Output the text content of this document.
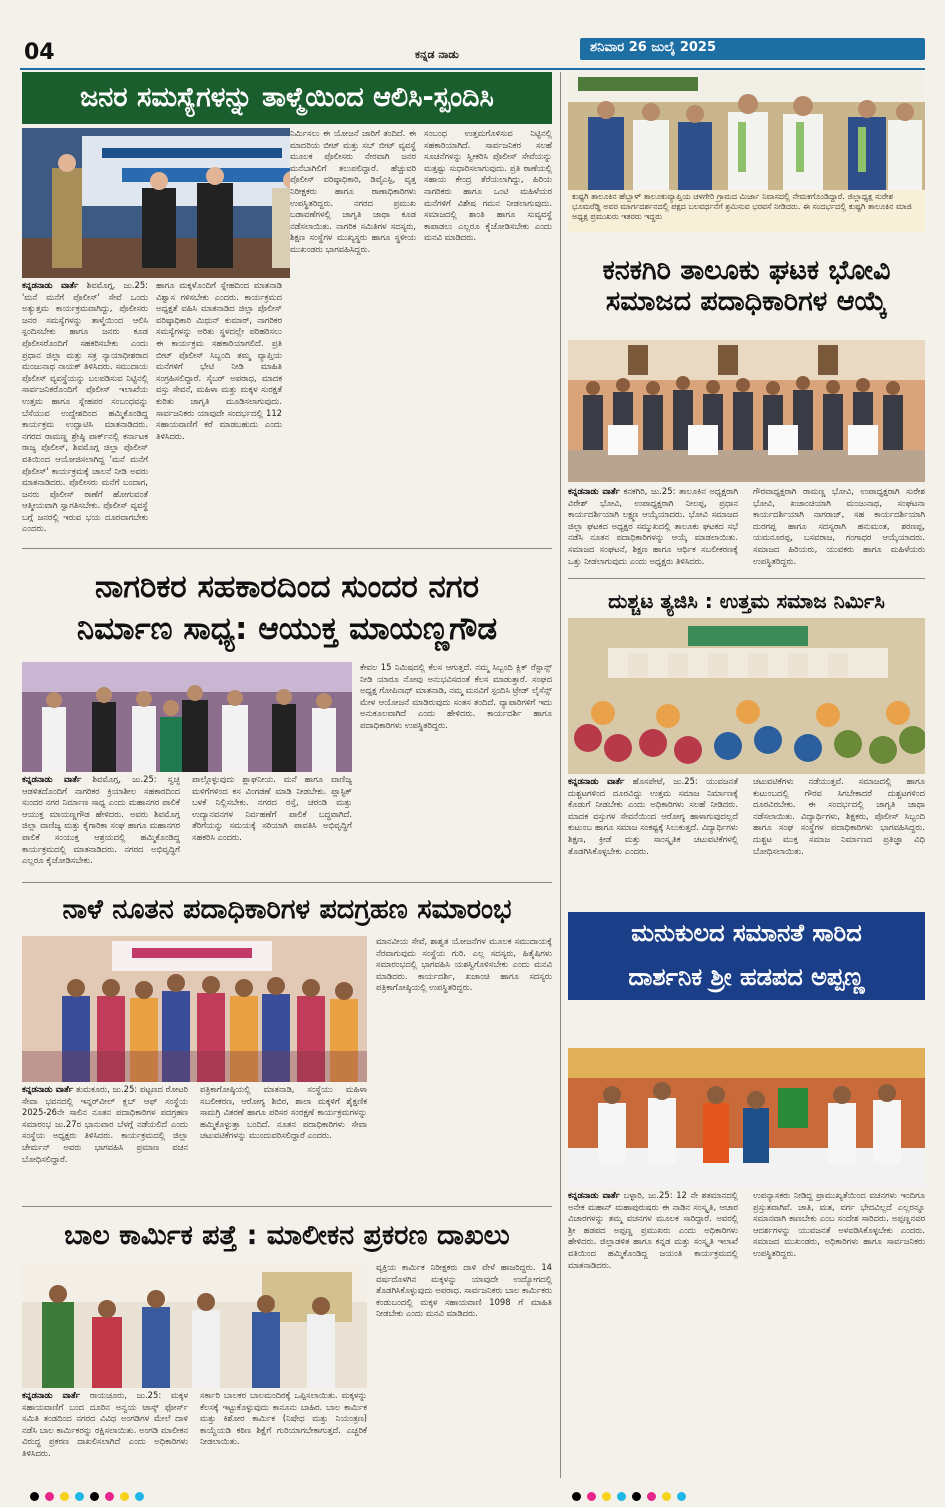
04	ಕನ್ನಡ ನಾಡು	ಶನಿವಾರ 26 ಜುಲೈ 2025
ಜನರ ಸಮಸ್ಯೆಗಳನ್ನು ತಾಳ್ಮೆಯಿಂದ ಆಲಿಸಿ-ಸ್ಪಂದಿಸಿ
ಕನ್ನಡನಾಡು ವಾರ್ತೆ ಶಿವಮೊಗ್ಗ, ಜು.25: 'ಮನೆ ಮನೆಗೆ ಪೊಲೀಸ್' ಸೇವೆ ಒಂದು ಅತ್ಯುತ್ತಮ ಕಾರ್ಯಕ್ರಮವಾಗಿದ್ದು, ಪೊಲೀಸರು ಜನರ ಸಮಸ್ಯೆಗಳನ್ನು ತಾಳ್ಮೆಯಿಂದ ಆಲಿಸಿ ಸ್ಪಂದಿಸಬೇಕು ಹಾಗೂ ಜನರು ಕೂಡ ಪೊಲೀಸರೊಂದಿಗೆ ಸಹಕರಿಸಬೇಕು ಎಂದು ಪ್ರಧಾನ ಜಿಲ್ಲಾ ಮತ್ತು ಸತ್ರ ನ್ಯಾಯಾಧೀಶರಾದ ಮಂಜುನಾಥ ನಾಯಕ್ ತಿಳಿಸಿದರು. ಸಮುದಾಯ ಪೊಲೀಸ್ ವ್ಯವಸ್ಥೆಯನ್ನು ಬಲಪಡಿಸುವ ನಿಟ್ಟಿನಲ್ಲಿ ಸಾರ್ವಜನಿಕರೊಂದಿಗೆ ಪೊಲೀಸ್ ಇಲಾಖೆಯ ಉತ್ತಮ ಹಾಗೂ ಸ್ನೇಹಪರ ಸಂಬಂಧವನ್ನು ಬೆಸೆಯುವ ಉದ್ದೇಶದಿಂದ ಹಮ್ಮಿಕೊಂಡಿದ್ದ ಕಾರ್ಯಕ್ರಮ ಉದ್ಘಾಟಿಸಿ ಮಾತನಾಡಿದರು. ನಗರದ ರಾಮಣ್ಣ ಶ್ರೇಷ್ಠಿ ಪಾರ್ಕ್‌ನಲ್ಲಿ ಕರ್ನಾಟಕ ರಾಜ್ಯ ಪೊಲೀಸ್, ಶಿವಮೊಗ್ಗ ಜಿಲ್ಲಾ ಪೊಲೀಸ್ ವತಿಯಿಂದ ಆಯೋಜಿಸಲಾಗಿದ್ದ 'ಮನೆ ಮನೆಗೆ ಪೊಲೀಸ್' ಕಾರ್ಯಕ್ರಮಕ್ಕೆ ಚಾಲನೆ ನೀಡಿ ಅವರು ಮಾತನಾಡಿದರು. ಪೊಲೀಸರು ಮನೆಗೆ ಬಂದಾಗ, ಜನರು ಪೊಲೀಸ್ ಠಾಣೆಗೆ ಹೋಗುವಂತೆ ಆತ್ಮೀಯವಾಗಿ ಸ್ವಾಗತಿಸಬೇಕು. ಪೊಲೀಸ್ ವ್ಯವಸ್ಥೆ ಬಗ್ಗೆ ಜನರಲ್ಲಿ ಇರುವ ಭಯ ದೂರವಾಗಬೇಕು ಎಂದರು.
ಹಾಗೂ ಮಕ್ಕಳೊಂದಿಗೆ ಸ್ನೇಹದಿಂದ ಮಾತನಾಡಿ ವಿಶ್ವಾಸ ಗಳಿಸಬೇಕು ಎಂದರು. ಕಾರ್ಯಕ್ರಮದ ಅಧ್ಯಕ್ಷತೆ ವಹಿಸಿ ಮಾತನಾಡಿದ ಜಿಲ್ಲಾ ಪೊಲೀಸ್ ವರಿಷ್ಠಾಧಿಕಾರಿ ಮಿಥುನ್ ಕುಮಾರ್, ನಾಗರಿಕರ ಸಮಸ್ಯೆಗಳನ್ನು ಅರಿತು ಸ್ಥಳದಲ್ಲೇ ಪರಿಹರಿಸಲು ಈ ಕಾರ್ಯಕ್ರಮ ಸಹಕಾರಿಯಾಗಲಿದೆ. ಪ್ರತಿ ಬೀಟ್ ಪೊಲೀಸ್ ಸಿಬ್ಬಂದಿ ತಮ್ಮ ವ್ಯಾಪ್ತಿಯ ಮನೆಗಳಿಗೆ ಭೇಟಿ ನೀಡಿ ಮಾಹಿತಿ ಸಂಗ್ರಹಿಸಲಿದ್ದಾರೆ. ಸೈಬರ್ ಅಪರಾಧ, ಮಾದಕ ವಸ್ತು ಸೇವನೆ, ಮಹಿಳಾ ಮತ್ತು ಮಕ್ಕಳ ಸುರಕ್ಷತೆ ಕುರಿತು ಜಾಗೃತಿ ಮೂಡಿಸಲಾಗುವುದು. ಸಾರ್ವಜನಿಕರು ಯಾವುದೇ ಸಂದರ್ಭದಲ್ಲಿ 112 ಸಹಾಯವಾಣಿಗೆ ಕರೆ ಮಾಡಬಹುದು ಎಂದು ತಿಳಿಸಿದರು.
ನಿರ್ಮಿಸಲು ಈ ಯೋಜನೆ ಜಾರಿಗೆ ತಂದಿದೆ. ಈ ಮಾದರಿಯ ಬೀಟ್ ಮತ್ತು ಸಬ್ ಬೀಟ್ ವ್ಯವಸ್ಥೆ ಮೂಲಕ ಪೊಲೀಸರು ನೇರವಾಗಿ ಜನರ ಮನೆಬಾಗಿಲಿಗೆ ತಲುಪಲಿದ್ದಾರೆ. ಹೆಚ್ಚುವರಿ ಪೊಲೀಸ್ ವರಿಷ್ಠಾಧಿಕಾರಿ, ಡಿವೈಎಸ್ಪಿ, ವೃತ್ತ ನಿರೀಕ್ಷಕರು ಹಾಗೂ ಠಾಣಾಧಿಕಾರಿಗಳು ಉಪಸ್ಥಿತರಿದ್ದರು. ನಗರದ ಪ್ರಮುಖ ಬಡಾವಣೆಗಳಲ್ಲಿ ಜಾಗೃತಿ ಜಾಥಾ ಕೂಡ ನಡೆಸಲಾಯಿತು. ನಾಗರಿಕ ಸಮಿತಿಗಳ ಸದಸ್ಯರು, ಶಿಕ್ಷಣ ಸಂಸ್ಥೆಗಳ ಮುಖ್ಯಸ್ಥರು ಹಾಗೂ ಸ್ಥಳೀಯ ಮುಖಂಡರು ಭಾಗವಹಿಸಿದ್ದರು.
ಸಂಬಂಧ ಉತ್ತಮಗೊಳಿಸುವ ನಿಟ್ಟಿನಲ್ಲಿ ಸಹಕಾರಿಯಾಗಿದೆ. ಸಾರ್ವಜನಿಕರ ಸಲಹೆ ಸೂಚನೆಗಳನ್ನು ಸ್ವೀಕರಿಸಿ ಪೊಲೀಸ್ ಸೇವೆಯನ್ನು ಮತ್ತಷ್ಟು ಸುಧಾರಿಸಲಾಗುವುದು. ಪ್ರತಿ ಠಾಣೆಯಲ್ಲಿ ಸಹಾಯ ಕೇಂದ್ರ ತೆರೆಯಲಾಗಿದ್ದು, ಹಿರಿಯ ನಾಗರಿಕರು ಹಾಗೂ ಒಂಟಿ ಮಹಿಳೆಯರ ಮನೆಗಳಿಗೆ ವಿಶೇಷ ಗಮನ ನೀಡಲಾಗುವುದು. ಸಮಾಜದಲ್ಲಿ ಶಾಂತಿ ಹಾಗೂ ಸುವ್ಯವಸ್ಥೆ ಕಾಪಾಡಲು ಎಲ್ಲರೂ ಕೈಜೋಡಿಸಬೇಕು ಎಂದು ಮನವಿ ಮಾಡಿದರು.
ಕುಷ್ಟಗಿ ತಾಲೂಕಿನ ಹೆಬ್ಬಾಳ್ ತಾಲೂಕುವ್ಯಾಪ್ತಿಯ ಚಳಗೇರಿ ಗ್ರಾಮದ ಮಿರ್ಜಾ ನಿವಾಸದಲ್ಲಿ ನೇಮಕಗೊಂಡಿದ್ದಾರೆ. ಜಿಲ್ಲಾಧ್ಯಕ್ಷ ಸುರೇಶ ಭೂಮರೆಡ್ಡಿ ಅವರ ಮಾರ್ಗದರ್ಶನದಲ್ಲಿ ಪಕ್ಷದ ಬಲವರ್ಧನೆಗೆ ಶ್ರಮಿಸುವ ಭರವಸೆ ನೀಡಿದರು. ಈ ಸಂದರ್ಭದಲ್ಲಿ ಕುಷ್ಟಗಿ ತಾಲೂಕಿನ ಮಾಜಿ ಅಧ್ಯಕ್ಷ ಪ್ರಮುಖರು ಇತರರು ಇದ್ದರು
ಕನಕಗಿರಿ ತಾಲೂಕು ಘಟಕ ಭೋವಿ ಸಮಾಜದ ಪದಾಧಿಕಾರಿಗಳ ಆಯ್ಕೆ
ಕನ್ನಡನಾಡು ವಾರ್ತೆ ಕನಕಗಿರಿ, ಜು.25: ತಾಲೂಕಿನ ಅಧ್ಯಕ್ಷರಾಗಿ ವಿರೇಶ್ ಭೋವಿ, ಉಪಾಧ್ಯಕ್ಷರಾಗಿ ನೀಲಪ್ಪ, ಪ್ರಧಾನ ಕಾರ್ಯದರ್ಶಿಯಾಗಿ ಲಕ್ಷ್ಮಣ ಆಯ್ಕೆಯಾದರು. ಭೋವಿ ಸಮಾಜದ ಜಿಲ್ಲಾ ಘಟಕದ ಅಧ್ಯಕ್ಷರ ಸಮ್ಮುಖದಲ್ಲಿ ತಾಲೂಕು ಘಟಕದ ಸಭೆ ನಡೆಸಿ ನೂತನ ಪದಾಧಿಕಾರಿಗಳನ್ನು ಆಯ್ಕೆ ಮಾಡಲಾಯಿತು. ಸಮಾಜದ ಸಂಘಟನೆ, ಶಿಕ್ಷಣ ಹಾಗೂ ಆರ್ಥಿಕ ಸಬಲೀಕರಣಕ್ಕೆ ಒತ್ತು ನೀಡಲಾಗುವುದು ಎಂದು ಅಧ್ಯಕ್ಷರು ತಿಳಿಸಿದರು.
ಗೌರವಾಧ್ಯಕ್ಷರಾಗಿ ರಾಮಣ್ಣ ಭೋವಿ, ಉಪಾಧ್ಯಕ್ಷರಾಗಿ ಸುರೇಶ ಭೋವಿ, ಖಜಾಂಚಿಯಾಗಿ ಮಂಜುನಾಥ, ಸಂಘಟನಾ ಕಾರ್ಯದರ್ಶಿಯಾಗಿ ನಾಗರಾಜ್, ಸಹ ಕಾರ್ಯದರ್ಶಿಯಾಗಿ ದುರಗಪ್ಪ ಹಾಗೂ ಸದಸ್ಯರಾಗಿ ಹನುಮಂತ, ಶರಣಪ್ಪ, ಯಮನೂರಪ್ಪ, ಬಸವರಾಜ, ಗಂಗಾಧರ ಆಯ್ಕೆಯಾದರು. ಸಮಾಜದ ಹಿರಿಯರು, ಯುವಕರು ಹಾಗೂ ಮಹಿಳೆಯರು ಉಪಸ್ಥಿತರಿದ್ದರು.
ನಾಗರಿಕರ ಸಹಕಾರದಿಂದ ಸುಂದರ ನಗರ
ನಿರ್ಮಾಣ ಸಾಧ್ಯ: ಆಯುಕ್ತ ಮಾಯಣ್ಣಗೌಡ
ಕನ್ನಡನಾಡು ವಾರ್ತೆ ಶಿವಮೊಗ್ಗ, ಜು.25: ಸ್ವಚ್ಛ ಆಡಳಿತದೊಂದಿಗೆ ನಾಗರಿಕರ ಕ್ರಿಯಾಶೀಲ ಸಹಕಾರದಿಂದ ಸುಂದರ ನಗರ ನಿರ್ಮಾಣ ಸಾಧ್ಯ ಎಂದು ಮಹಾನಗರ ಪಾಲಿಕೆ ಆಯುಕ್ತ ಮಾಯಣ್ಣಗೌಡ ಹೇಳಿದರು. ಅವರು ಶಿವಮೊಗ್ಗ ಜಿಲ್ಲಾ ವಾಣಿಜ್ಯ ಮತ್ತು ಕೈಗಾರಿಕಾ ಸಂಘ ಹಾಗೂ ಮಹಾನಗರ ಪಾಲಿಕೆ ಸಂಯುಕ್ತ ಆಶ್ರಯದಲ್ಲಿ ಹಮ್ಮಿಕೊಂಡಿದ್ದ ಕಾರ್ಯಕ್ರಮದಲ್ಲಿ ಮಾತನಾಡಿದರು. ನಗರದ ಅಭಿವೃದ್ಧಿಗೆ ಎಲ್ಲರೂ ಕೈಜೋಡಿಸಬೇಕು.
ಪಾಲ್ಗೊಳ್ಳುವುದು ಶ್ಲಾಘನೀಯ. ಮನೆ ಹಾಗೂ ವಾಣಿಜ್ಯ ಮಳಿಗೆಗಳಿಂದ ಕಸ ವಿಂಗಡಣೆ ಮಾಡಿ ನೀಡಬೇಕು. ಪ್ಲಾಸ್ಟಿಕ್ ಬಳಕೆ ನಿಲ್ಲಿಸಬೇಕು. ನಗರದ ರಸ್ತೆ, ಚರಂಡಿ ಮತ್ತು ಉದ್ಯಾನವನಗಳ ನಿರ್ವಹಣೆಗೆ ಪಾಲಿಕೆ ಬದ್ಧವಾಗಿದೆ. ತೆರಿಗೆಯನ್ನು ಸಮಯಕ್ಕೆ ಸರಿಯಾಗಿ ಪಾವತಿಸಿ ಅಭಿವೃದ್ಧಿಗೆ ಸಹಕರಿಸಿ ಎಂದರು.
ಕೇವಲ 15 ನಿಮಿಷದಲ್ಲಿ ಕೆಲಸ ಆಗುತ್ತದೆ. ನಮ್ಮ ಸಿಬ್ಬಂದಿ ಕ್ಲಿಕ್ ರೆಸ್ಪಾನ್ಸ್ ನೀಡಿ ಯಾರೂ ನೋವು ಅನುಭವಿಸದಂತೆ ಕೆಲಸ ಮಾಡುತ್ತಾರೆ. ಸಂಘದ ಅಧ್ಯಕ್ಷ ಗೋಪಿನಾಥ್ ಮಾತನಾಡಿ, ನಮ್ಮ ಮನವಿಗೆ ಸ್ಪಂದಿಸಿ ಟ್ರೇಡ್ ಲೈಸೆನ್ಸ್ ಮೇಳ ಆಯೋಜನೆ ಮಾಡಿರುವುದು ಸಂತಸ ತಂದಿದೆ. ವ್ಯಾಪಾರಿಗಳಿಗೆ ಇದು ಅನುಕೂಲವಾಗಿದೆ ಎಂದು ಹೇಳಿದರು. ಕಾರ್ಯದರ್ಶಿ ಹಾಗೂ ಪದಾಧಿಕಾರಿಗಳು ಉಪಸ್ಥಿತರಿದ್ದರು.
ದುಶ್ಚಟ ತ್ಯಜಿಸಿ : ಉತ್ತಮ ಸಮಾಜ ನಿರ್ಮಿಸಿ
ಕನ್ನಡನಾಡು ವಾರ್ತೆ ಹೊಸಪೇಟೆ, ಜು.25: ಯುವಜನತೆ ದುಶ್ಚಟಗಳಿಂದ ದೂರವಿದ್ದು ಉತ್ತಮ ಸಮಾಜ ನಿರ್ಮಾಣಕ್ಕೆ ಕೊಡುಗೆ ನೀಡಬೇಕು ಎಂದು ಅಧಿಕಾರಿಗಳು ಸಲಹೆ ನೀಡಿದರು. ಮಾದಕ ವಸ್ತುಗಳ ಸೇವನೆಯಿಂದ ಆರೋಗ್ಯ ಹಾಳಾಗುವುದಲ್ಲದೆ ಕುಟುಂಬ ಹಾಗೂ ಸಮಾಜ ಸಂಕಷ್ಟಕ್ಕೆ ಸಿಲುಕುತ್ತದೆ. ವಿದ್ಯಾರ್ಥಿಗಳು ಶಿಕ್ಷಣ, ಕ್ರೀಡೆ ಮತ್ತು ಸಾಂಸ್ಕೃತಿಕ ಚಟುವಟಿಕೆಗಳಲ್ಲಿ ತೊಡಗಿಸಿಕೊಳ್ಳಬೇಕು ಎಂದರು.
ಚಟುವಟಿಕೆಗಳು ನಡೆಯುತ್ತವೆ. ಸಮಾಜದಲ್ಲಿ ಹಾಗೂ ಕುಟುಂಬದಲ್ಲಿ ಗೌರವ ಸಿಗಬೇಕಾದರೆ ದುಶ್ಚಟಗಳಿಂದ ದೂರವಿರಬೇಕು. ಈ ಸಂದರ್ಭದಲ್ಲಿ ಜಾಗೃತಿ ಜಾಥಾ ನಡೆಸಲಾಯಿತು. ವಿದ್ಯಾರ್ಥಿಗಳು, ಶಿಕ್ಷಕರು, ಪೊಲೀಸ್ ಸಿಬ್ಬಂದಿ ಹಾಗೂ ಸಂಘ ಸಂಸ್ಥೆಗಳ ಪದಾಧಿಕಾರಿಗಳು ಭಾಗವಹಿಸಿದ್ದರು. ದುಶ್ಚಟ ಮುಕ್ತ ಸಮಾಜ ನಿರ್ಮಾಣದ ಪ್ರತಿಜ್ಞಾ ವಿಧಿ ಬೋಧಿಸಲಾಯಿತು.
ನಾಳೆ ನೂತನ ಪದಾಧಿಕಾರಿಗಳ ಪದಗ್ರಹಣ ಸಮಾರಂಭ
ಕನ್ನಡನಾಡು ವಾರ್ತೆ ತುಮಕೂರು, ಜು.25: ಪಟ್ಟಣದ ರೋಟರಿ ಸೇವಾ ಭವನದಲ್ಲಿ ಇನ್ನರ್‌ವೀಲ್ ಕ್ಲಬ್ ಆಫ್ ಸಂಸ್ಥೆಯ 2025-26ನೇ ಸಾಲಿನ ನೂತನ ಪದಾಧಿಕಾರಿಗಳ ಪದಗ್ರಹಣ ಸಮಾರಂಭ ಜು.27ರ ಭಾನುವಾರ ಬೆಳಗ್ಗೆ ನಡೆಯಲಿದೆ ಎಂದು ಸಂಸ್ಥೆಯ ಅಧ್ಯಕ್ಷರು ತಿಳಿಸಿದರು. ಕಾರ್ಯಕ್ರಮದಲ್ಲಿ ಜಿಲ್ಲಾ ಚೇರ್ಮನ್ ಅವರು ಭಾಗವಹಿಸಿ ಪ್ರಮಾಣ ವಚನ ಬೋಧಿಸಲಿದ್ದಾರೆ.
ಪತ್ರಿಕಾಗೋಷ್ಠಿಯಲ್ಲಿ ಮಾತನಾಡಿ, ಸಂಸ್ಥೆಯು ಮಹಿಳಾ ಸಬಲೀಕರಣ, ಆರೋಗ್ಯ ಶಿಬಿರ, ಶಾಲಾ ಮಕ್ಕಳಿಗೆ ಶೈಕ್ಷಣಿಕ ಸಾಮಗ್ರಿ ವಿತರಣೆ ಹಾಗೂ ಪರಿಸರ ಸಂರಕ್ಷಣೆ ಕಾರ್ಯಕ್ರಮಗಳನ್ನು ಹಮ್ಮಿಕೊಳ್ಳುತ್ತಾ ಬಂದಿದೆ. ನೂತನ ಪದಾಧಿಕಾರಿಗಳು ಸೇವಾ ಚಟುವಟಿಕೆಗಳನ್ನು ಮುಂದುವರಿಸಲಿದ್ದಾರೆ ಎಂದರು.
ಮಾನವೀಯ ಸೇವೆ, ಶಾಶ್ವತ ಯೋಜನೆಗಳ ಮೂಲಕ ಸಮುದಾಯಕ್ಕೆ ನೆರವಾಗುವುದು ಸಂಸ್ಥೆಯ ಗುರಿ. ಎಲ್ಲ ಸದಸ್ಯರು, ಹಿತೈಷಿಗಳು ಸಮಾರಂಭದಲ್ಲಿ ಭಾಗವಹಿಸಿ ಯಶಸ್ವಿಗೊಳಿಸಬೇಕು ಎಂದು ಮನವಿ ಮಾಡಿದರು. ಕಾರ್ಯದರ್ಶಿ, ಖಜಾಂಚಿ ಹಾಗೂ ಸದಸ್ಯರು ಪತ್ರಿಕಾಗೋಷ್ಠಿಯಲ್ಲಿ ಉಪಸ್ಥಿತರಿದ್ದರು.
ಮನುಕುಲದ ಸಮಾನತೆ ಸಾರಿದ
ದಾರ್ಶನಿಕ ಶ್ರೀ ಹಡಪದ ಅಪ್ಪಣ್ಣ
ಕನ್ನಡನಾಡು ವಾರ್ತೆ ಬಳ್ಳಾರಿ, ಜು.25: 12 ನೇ ಶತಮಾನದಲ್ಲಿ ಅನೇಕ ಮಹಾನ್ ಮಹಾಪುರುಷರು ಈ ನಾಡಿನ ಸಂಸ್ಕೃತಿ, ಆಚಾರ ವಿಚಾರಗಳನ್ನು ತಮ್ಮ ವಚನಗಳ ಮೂಲಕ ಸಾರಿದ್ದಾರೆ. ಅವರಲ್ಲಿ ಶ್ರೀ ಹಡಪದ ಅಪ್ಪಣ್ಣ ಪ್ರಮುಖರು ಎಂದು ಅಧಿಕಾರಿಗಳು ಹೇಳಿದರು. ಜಿಲ್ಲಾಡಳಿತ ಹಾಗೂ ಕನ್ನಡ ಮತ್ತು ಸಂಸ್ಕೃತಿ ಇಲಾಖೆ ವತಿಯಿಂದ ಹಮ್ಮಿಕೊಂಡಿದ್ದ ಜಯಂತಿ ಕಾರ್ಯಕ್ರಮದಲ್ಲಿ ಮಾತನಾಡಿದರು.
ಉಪನ್ಯಾಸಕರು ನೀಡಿದ್ದ ಪ್ರಾಮುಖ್ಯತೆಯಿಂದ ವಚನಗಳು ಇಂದಿಗೂ ಪ್ರಸ್ತುತವಾಗಿವೆ. ಜಾತಿ, ಮತ, ವರ್ಗ ಭೇದವಿಲ್ಲದೆ ಎಲ್ಲರನ್ನೂ ಸಮಾನವಾಗಿ ಕಾಣಬೇಕು ಎಂಬ ಸಂದೇಶ ಸಾರಿದರು. ಅಪ್ಪಣ್ಣನವರ ಆದರ್ಶಗಳನ್ನು ಯುವಜನತೆ ಅಳವಡಿಸಿಕೊಳ್ಳಬೇಕು ಎಂದರು. ಸಮಾಜದ ಮುಖಂಡರು, ಅಧಿಕಾರಿಗಳು ಹಾಗೂ ಸಾರ್ವಜನಿಕರು ಉಪಸ್ಥಿತರಿದ್ದರು.
ಬಾಲ ಕಾರ್ಮಿಕ ಪತ್ತೆ : ಮಾಲೀಕನ ಪ್ರಕರಣ ದಾಖಲು
ಕನ್ನಡನಾಡು ವಾರ್ತೆ ರಾಯಚೂರು, ಜು.25: ಮಕ್ಕಳ ಸಹಾಯವಾಣಿಗೆ ಬಂದ ದೂರಿನ ಅನ್ವಯ ಟಾಸ್ಕ್ ಫೋರ್ಸ್ ಸಮಿತಿ ತಂಡದಿಂದ ನಗರದ ವಿವಿಧ ಅಂಗಡಿಗಳ ಮೇಲೆ ದಾಳಿ ನಡೆಸಿ ಬಾಲ ಕಾರ್ಮಿಕರನ್ನು ರಕ್ಷಿಸಲಾಯಿತು. ಅಂಗಡಿ ಮಾಲೀಕನ ವಿರುದ್ಧ ಪ್ರಕರಣ ದಾಖಲಿಸಲಾಗಿದೆ ಎಂದು ಅಧಿಕಾರಿಗಳು ತಿಳಿಸಿದರು.
ಸರ್ಕಾರಿ ಬಾಲಕರ ಬಾಲಮಂದಿರಕ್ಕೆ ಒಪ್ಪಿಸಲಾಯಿತು. ಮಕ್ಕಳನ್ನು ಕೆಲಸಕ್ಕೆ ಇಟ್ಟುಕೊಳ್ಳುವುದು ಕಾನೂನು ಬಾಹಿರ. ಬಾಲ ಕಾರ್ಮಿಕ ಮತ್ತು ಕಿಶೋರ ಕಾರ್ಮಿಕ (ನಿಷೇಧ ಮತ್ತು ನಿಯಂತ್ರಣ) ಕಾಯ್ದೆಯಡಿ ಕಠಿಣ ಶಿಕ್ಷೆಗೆ ಗುರಿಯಾಗಬೇಕಾಗುತ್ತದೆ. ಎಚ್ಚರಿಕೆ ನೀಡಲಾಯಿತು.
ವ್ಯಕ್ತಿಯ ಕಾರ್ಮಿಕ ನಿರೀಕ್ಷಕರು ದಾಳಿ ವೇಳೆ ಹಾಜರಿದ್ದರು. 14 ವರ್ಷದೊಳಗಿನ ಮಕ್ಕಳನ್ನು ಯಾವುದೇ ಉದ್ಯೋಗದಲ್ಲಿ ತೊಡಗಿಸಿಕೊಳ್ಳುವುದು ಅಪರಾಧ. ಸಾರ್ವಜನಿಕರು ಬಾಲ ಕಾರ್ಮಿಕರು ಕಂಡುಬಂದಲ್ಲಿ ಮಕ್ಕಳ ಸಹಾಯವಾಣಿ 1098 ಗೆ ಮಾಹಿತಿ ನೀಡಬೇಕು ಎಂದು ಮನವಿ ಮಾಡಿದರು.
